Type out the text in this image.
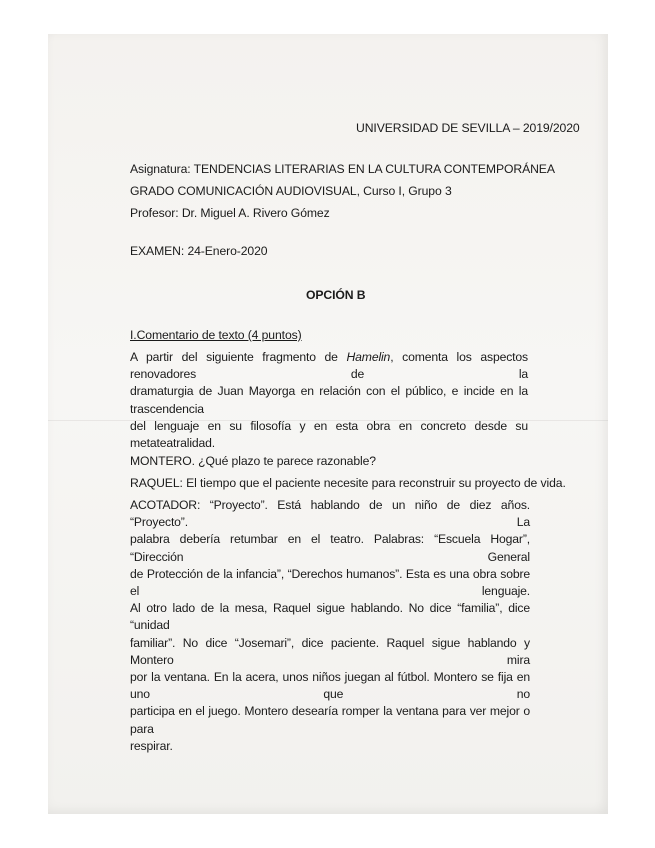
UNIVERSIDAD DE SEVILLA – 2019/2020
Asignatura: TENDENCIAS LITERARIAS EN LA CULTURA CONTEMPORÁNEA
GRADO COMUNICACIÓN AUDIOVISUAL, Curso I, Grupo 3
Profesor: Dr. Miguel A. Rivero Gómez
EXAMEN: 24-Enero-2020
OPCIÓN B
I.Comentario de texto (4 puntos)
A partir del siguiente fragmento de Hamelin, comenta los aspectos renovadores de la
dramaturgia de Juan Mayorga en relación con el público, e incide en la trascendencia
del lenguaje en su filosofía y en esta obra en concreto desde su metateatralidad.
MONTERO. ¿Qué plazo te parece razonable?
RAQUEL: El tiempo que el paciente necesite para reconstruir su proyecto de vida.
ACOTADOR: “Proyecto”. Está hablando de un niño de diez años. “Proyecto”. La
palabra debería retumbar en el teatro. Palabras: “Escuela Hogar”, “Dirección General
de Protección de la infancia”, “Derechos humanos”. Esta es una obra sobre el lenguaje.
Al otro lado de la mesa, Raquel sigue hablando. No dice “familia”, dice “unidad
familiar”. No dice “Josemari”, dice paciente. Raquel sigue hablando y Montero mira
por la ventana. En la acera, unos niños juegan al fútbol. Montero se fija en uno que no
participa en el juego. Montero desearía romper la ventana para ver mejor o para
respirar.
